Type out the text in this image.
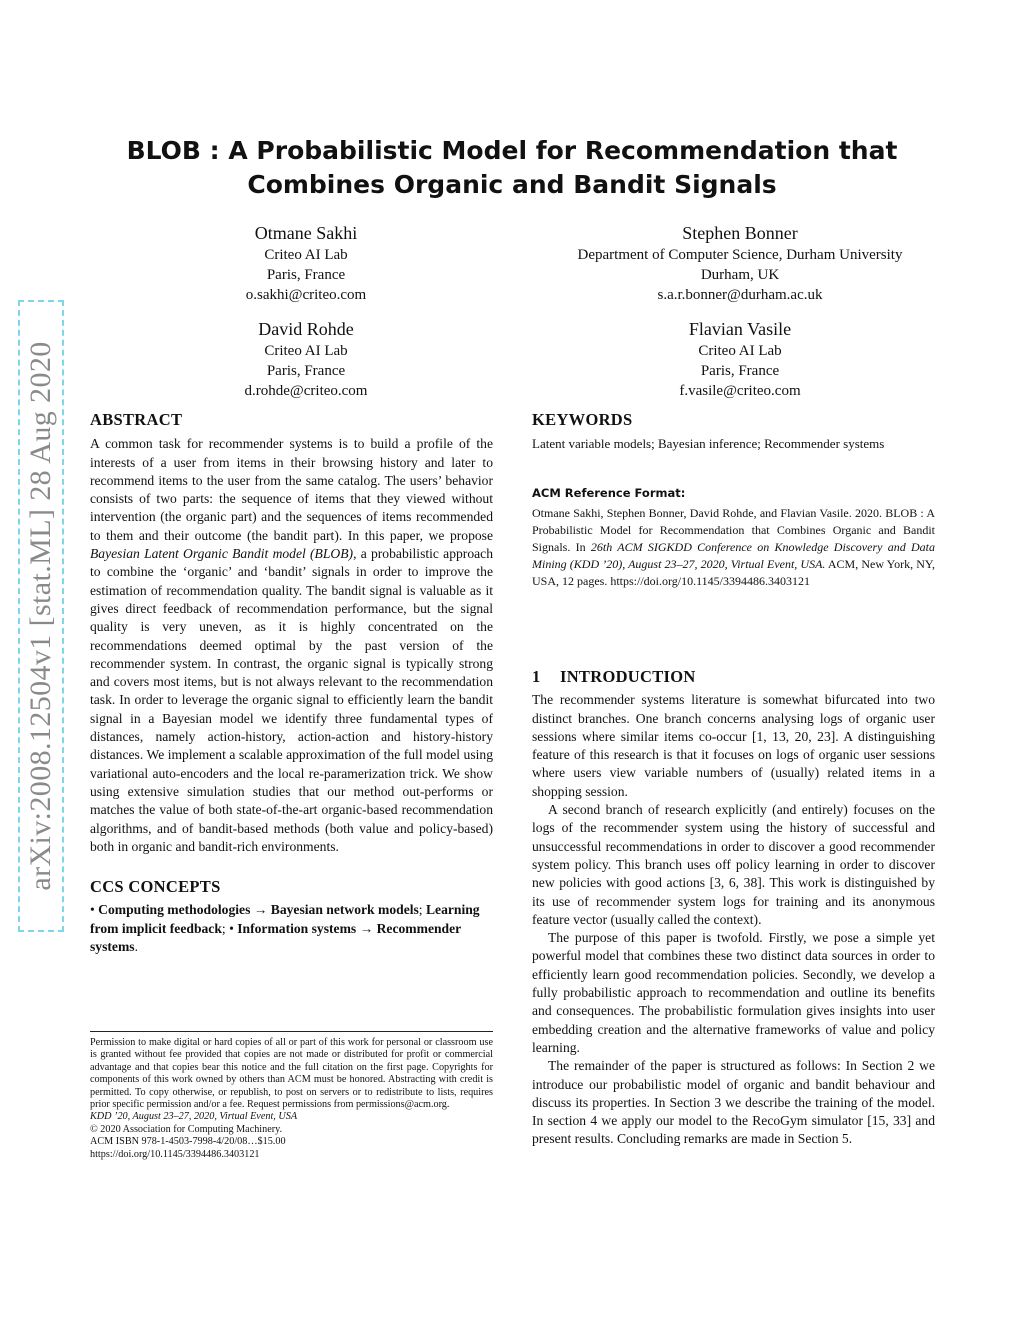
arXiv:2008.12504v1 [stat.ML] 28 Aug 2020
BLOB : A Probabilistic Model for Recommendation that
Combines Organic and Bandit Signals
Otmane Sakhi
Criteo AI Lab
Paris, France
o.sakhi@criteo.com
Stephen Bonner
Department of Computer Science, Durham University
Durham, UK
s.a.r.bonner@durham.ac.uk
David Rohde
Criteo AI Lab
Paris, France
d.rohde@criteo.com
Flavian Vasile
Criteo AI Lab
Paris, France
f.vasile@criteo.com
ABSTRACT

A common task for recommender systems is to build a profile of the interests of a user from items in their browsing history and later to recommend items to the user from the same catalog. The users’ behavior consists of two parts: the sequence of items that they viewed without intervention (the organic part) and the sequences of items recommended to them and their outcome (the bandit part). In this paper, we propose Bayesian Latent Organic Bandit model (BLOB), a probabilistic approach to combine the ‘organic’ and ‘bandit’ signals in order to improve the estimation of recommendation quality. The bandit signal is valuable as it gives direct feedback of recommendation performance, but the signal quality is very uneven, as it is highly concentrated on the recommendations deemed optimal by the past version of the recommender system. In contrast, the organic signal is typically strong and covers most items, but is not always relevant to the recommendation task. In order to leverage the organic signal to efficiently learn the bandit signal in a Bayesian model we identify three fundamental types of distances, namely action-history, action-action and history-history distances. We implement a scalable approximation of the full model using variational auto-encoders and the local re-paramerization trick. We show using extensive simulation studies that our method out-performs or matches the value of both state-of-the-art organic-based recommendation algorithms, and of bandit-based methods (both value and policy-based) both in organic and bandit-rich environments.

CCS CONCEPTS

• Computing methodologies → Bayesian network models; Learning from implicit feedback; • Information systems → Recommender systems.

KEYWORDS

Latent variable models; Bayesian inference; Recommender systems

ACM Reference Format:

Otmane Sakhi, Stephen Bonner, David Rohde, and Flavian Vasile. 2020. BLOB : A Probabilistic Model for Recommendation that Combines Organic and Bandit Signals. In 26th ACM SIGKDD Conference on Knowledge Discovery and Data Mining (KDD ’20), August 23–27, 2020, Virtual Event, USA. ACM, New York, NY, USA, 12 pages. https://doi.org/10.1145/3394486.3403121

1 INTRODUCTION

The recommender systems literature is somewhat bifurcated into two distinct branches. One branch concerns analysing logs of organic user sessions where similar items co-occur [1, 13, 20, 23]. A distinguishing feature of this research is that it focuses on logs of organic user sessions where users view variable numbers of (usually) related items in a shopping session.

A second branch of research explicitly (and entirely) focuses on the logs of the recommender system using the history of successful and unsuccessful recommendations in order to discover a good recommender system policy. This branch uses off policy learning in order to discover new policies with good actions [3, 6, 38]. This work is distinguished by its use of recommender system logs for training and its anonymous feature vector (usually called the context).

The purpose of this paper is twofold. Firstly, we pose a simple yet powerful model that combines these two distinct data sources in order to efficiently learn good recommendation policies. Secondly, we develop a fully probabilistic approach to recommendation and outline its benefits and consequences. The probabilistic formulation gives insights into user embedding creation and the alternative frameworks of value and policy learning.

The remainder of the paper is structured as follows: In Section 2 we introduce our probabilistic model of organic and bandit behaviour and discuss its properties. In Section 3 we describe the training of the model. In section 4 we apply our model to the RecoGym simulator [15, 33] and present results. Concluding remarks are made in Section 5.

Permission to make digital or hard copies of all or part of this work for personal or classroom use is granted without fee provided that copies are not made or distributed for profit or commercial advantage and that copies bear this notice and the full citation on the first page. Copyrights for components of this work owned by others than ACM must be honored. Abstracting with credit is permitted. To copy otherwise, or republish, to post on servers or to redistribute to lists, requires prior specific permission and/or a fee. Request permissions from permissions@acm.org.

KDD ’20, August 23–27, 2020, Virtual Event, USA
© 2020 Association for Computing Machinery.
ACM ISBN 978-1-4503-7998-4/20/08…$15.00
https://doi.org/10.1145/3394486.3403121
